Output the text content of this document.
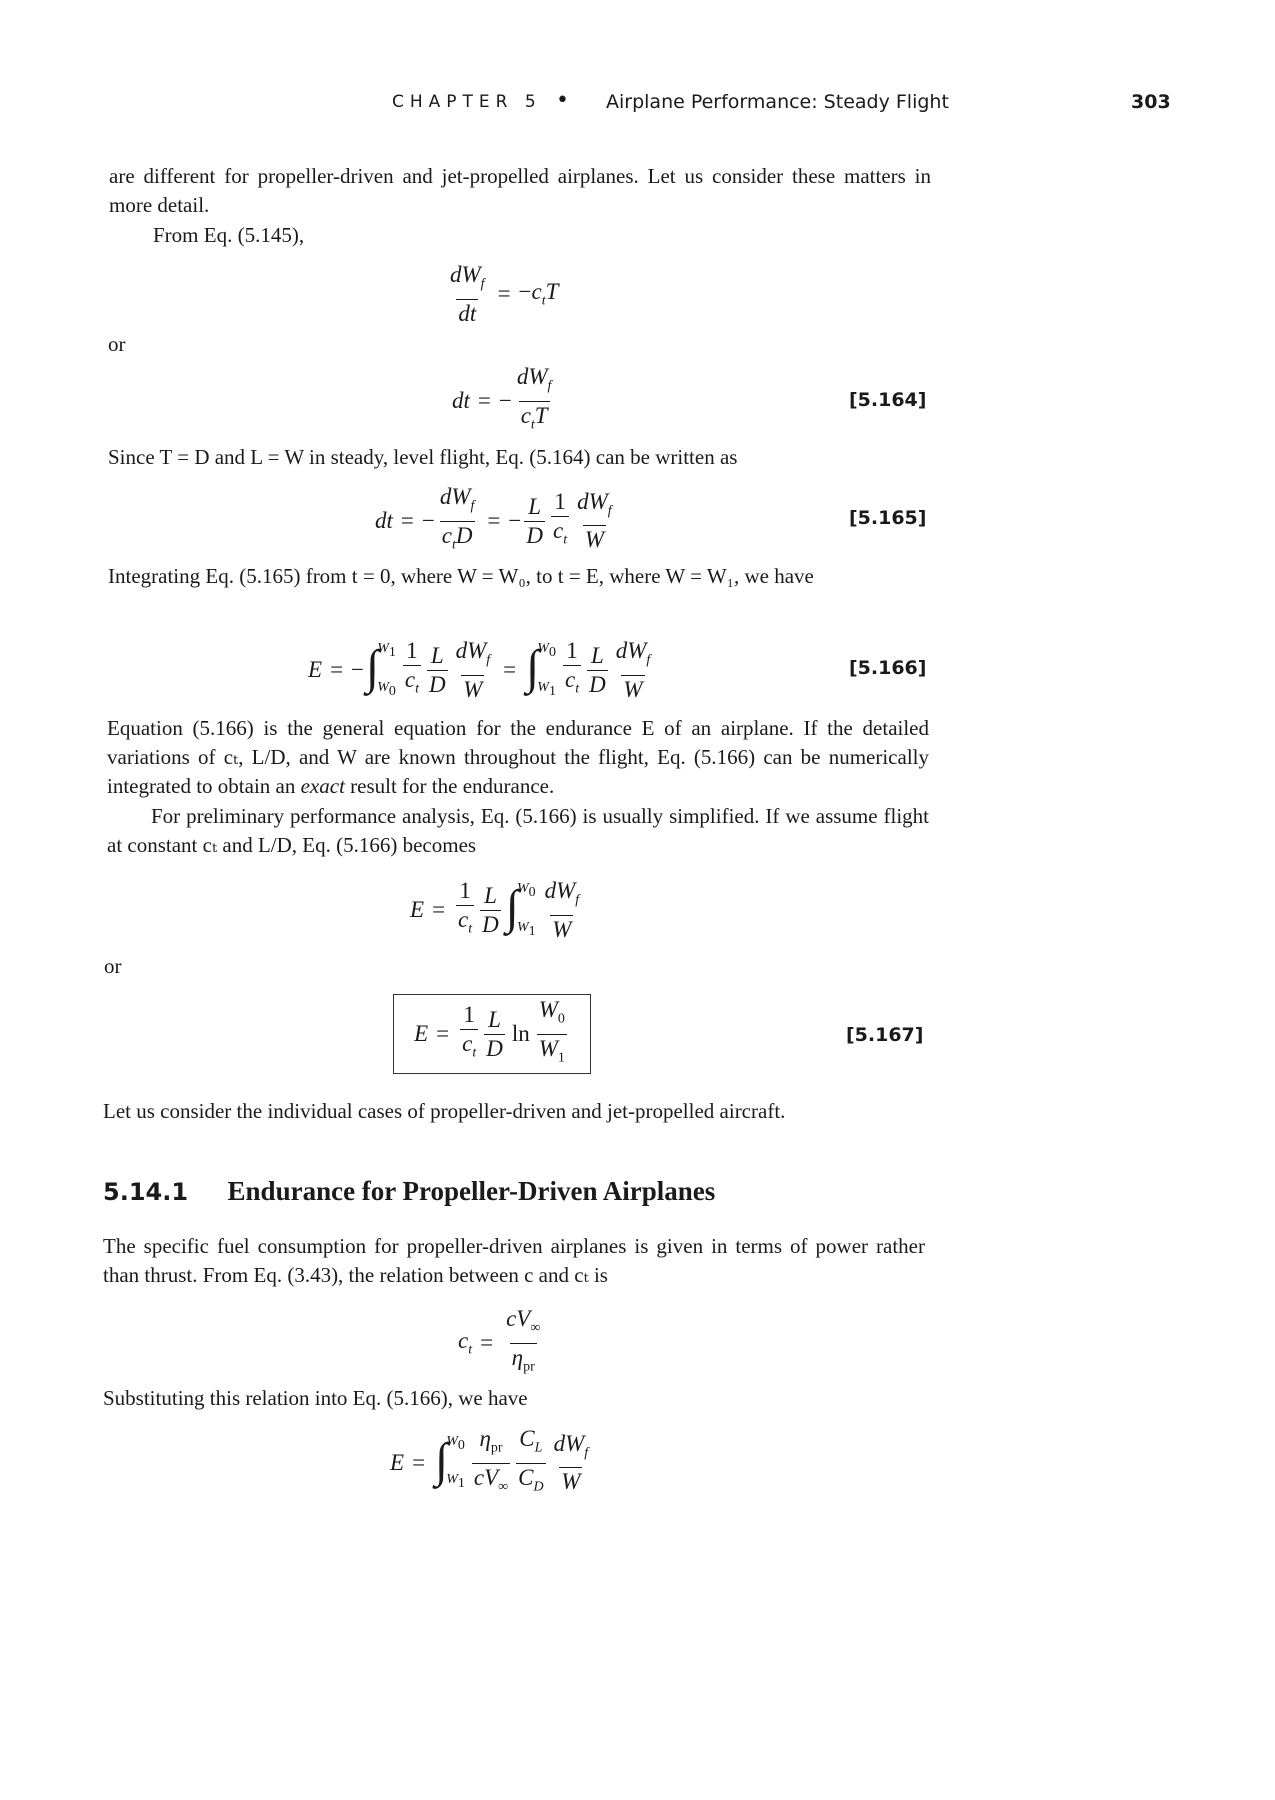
CHAPTER 5 • Airplane Performance: Steady Flight	303
are different for propeller-driven and jet-propelled airplanes. Let us consider these matters in more detail.
From Eq. (5.145),
$\frac{dW_f}{dt} = -c_tT$
or
dt = − $\frac{dW_f}{c_tT}$	[5.164]
Since T = D and L = W in steady, level flight, Eq. (5.164) can be written as
dt = − $\frac{dW_f}{c_tD}$ = − $\frac{L}{D} \frac{1}{c_t} \frac{dW_f}{W}$	[5.165]
Integrating Eq. (5.165) from t = 0, where W = W₀, to t = E, where W = W₁, we have
E = − ∫
$W_1$
$W_0 \frac{1}{c_t} \frac{L}{D} \frac{dW_f}{W}$ = ∫
$W_0$
$W_1 \frac{1}{c_t} \frac{L}{D} \frac{dW_f}{W}$	[5.166]
Equation (5.166) is the general equation for the endurance E of an airplane. If the detailed variations of cₜ, L/D, and W are known throughout the flight, Eq. (5.166) can be numerically integrated to obtain an exact result for the endurance.
For preliminary performance analysis, Eq. (5.166) is usually simplified. If we assume flight at constant cₜ and L/D, Eq. (5.166) becomes
$E = \frac{1}{c_t} \frac{L}{D}$ ∫
$W_0$
$W_1 \frac{dW_f}{W}$
or
$E = \frac{1}{c_t} \frac{L}{D}$ $\ln \frac{W_0}{W_1}$	[5.167]
Let us consider the individual cases of propeller-driven and jet-propelled aircraft.
5.14.1 Endurance for Propeller-Driven Airplanes
The specific fuel consumption for propeller-driven airplanes is given in terms of power rather than thrust. From Eq. (3.43), the relation between c and cₜ is
$c_t = \frac{cV_\infty}{\eta_{pr}}$
Substituting this relation into Eq. (5.166), we have
E = ∫
$W_0$
$W_1 \frac{\eta_{pr}}{cV_\infty} \frac{C_L}{C_D} \frac{dW_f}{W}$
